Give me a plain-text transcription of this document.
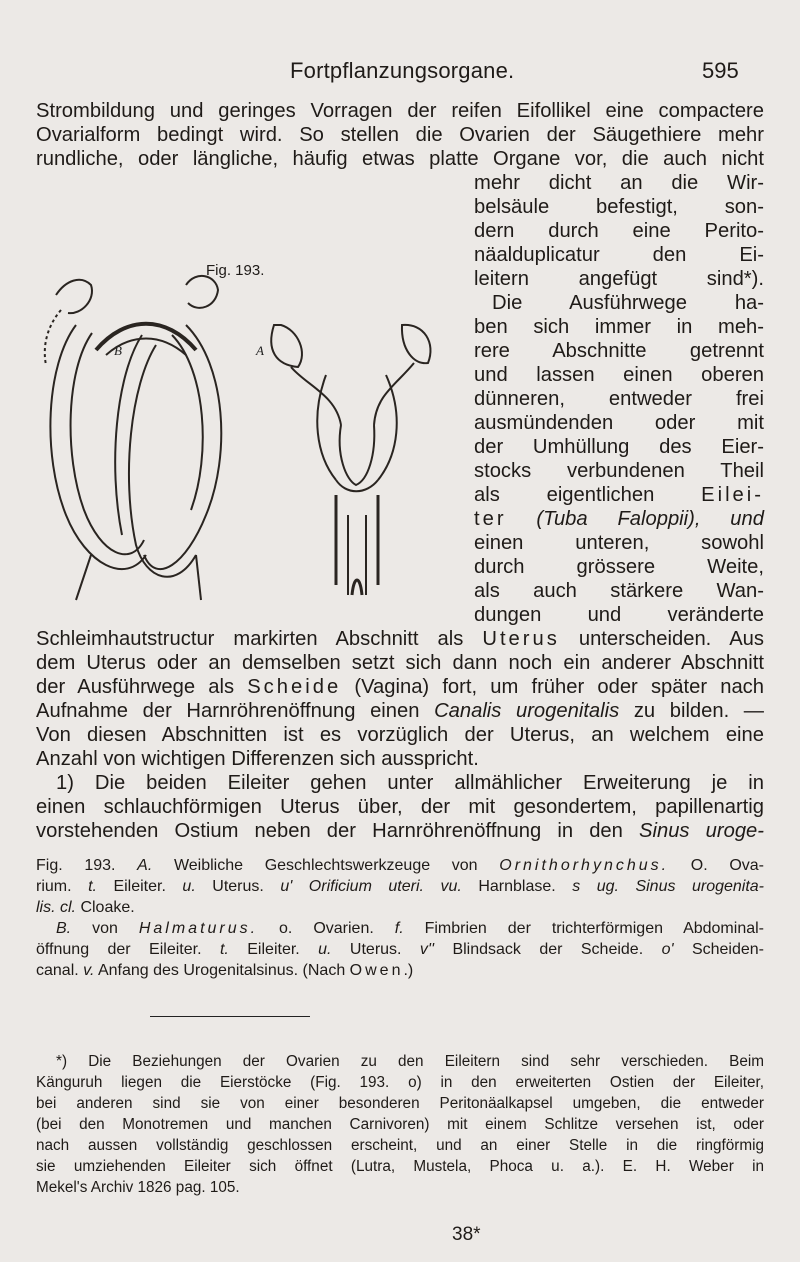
Fortpflanzungsorgane.	595
Strombildung und geringes Vorragen der reifen Eifollikel eine compactere
Ovarialform bedingt wird. So stellen die Ovarien der Säugethiere mehr
rundliche, oder längliche, häufig etwas platte Organe vor, die auch nicht
mehr dicht an die Wir-
belsäule befestigt, son-
dern durch eine Perito-
näalduplicatur den Ei-
leitern angefügt sind*).
Die Ausführwege ha-
ben sich immer in meh-
rere Abschnitte getrennt
und lassen einen oberen
dünneren, entweder frei
ausmündenden oder mit
der Umhüllung des Eier-
stocks verbundenen Theil
als eigentlichen Eilei-
ter (Tuba Faloppii), und
einen unteren, sowohl
durch grössere Weite,
als auch stärkere Wan-
dungen und veränderte
Schleimhautstructur markirten Abschnitt als Uterus unterscheiden. Aus
dem Uterus oder an demselben setzt sich dann noch ein anderer Abschnitt
der Ausführwege als Scheide (Vagina) fort, um früher oder später nach
Aufnahme der Harnröhrenöffnung einen Canalis urogenitalis zu bilden. —
Von diesen Abschnitten ist es vorzüglich der Uterus, an welchem eine
Anzahl von wichtigen Differenzen sich ausspricht.
1) Die beiden Eileiter gehen unter allmählicher Erweiterung je in
einen schlauchförmigen Uterus über, der mit gesondertem, papillenartig
vorstehenden Ostium neben der Harnröhrenöffnung in den Sinus uroge-
Fig. 193.
B	A
Fig. 193. A. Weibliche Geschlechtswerkzeuge von Ornithorhynchus. O. Ova-
rium. t. Eileiter. u. Uterus. u' Orificium uteri. vu. Harnblase. s ug. Sinus urogenita-
lis. cl. Cloake.
B. von Halmaturus. o. Ovarien. f. Fimbrien der trichterförmigen Abdominal-
öffnung der Eileiter. t. Eileiter. u. Uterus. v'' Blindsack der Scheide. o' Scheiden-
canal. v. Anfang des Urogenitalsinus. (Nach Owen.)
*) Die Beziehungen der Ovarien zu den Eileitern sind sehr verschieden. Beim
Känguruh liegen die Eierstöcke (Fig. 193. o) in den erweiterten Ostien der Eileiter,
bei anderen sind sie von einer besonderen Peritonäalkapsel umgeben, die entweder
(bei den Monotremen und manchen Carnivoren) mit einem Schlitze versehen ist, oder
nach aussen vollständig geschlossen erscheint, und an einer Stelle in die ringförmig
sie umziehenden Eileiter sich öffnet (Lutra, Mustela, Phoca u. a.). E. H. Weber in
Mekel's Archiv 1826 pag. 105.
38*
